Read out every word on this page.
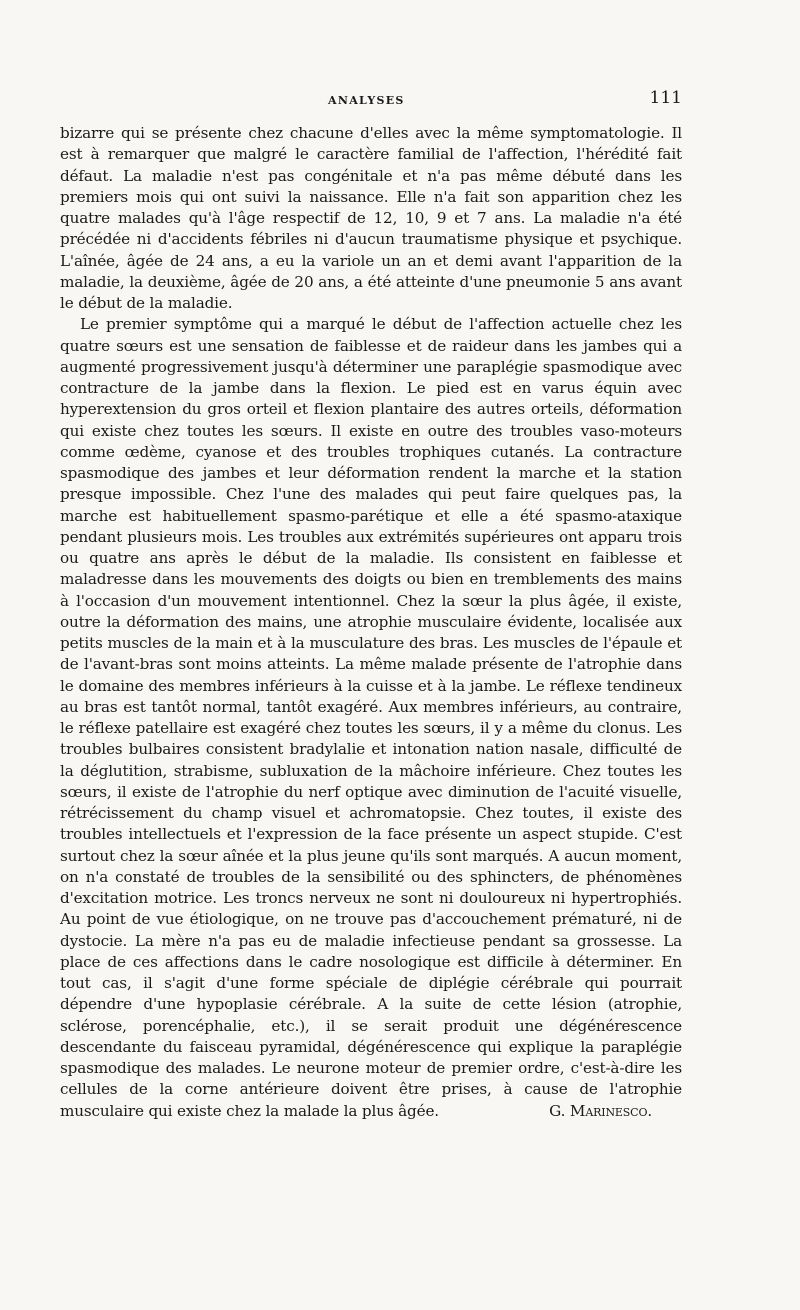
ANALYSES	111

bizarre qui se présente chez chacune d'elles avec la même symptomatologie. Il est à remarquer que malgré le caractère familial de l'affection, l'hérédité fait défaut. La maladie n'est pas congénitale et n'a pas même débuté dans les premiers mois qui ont suivi la naissance. Elle n'a fait son apparition chez les quatre malades qu'à l'âge respectif de 12, 10, 9 et 7 ans. La maladie n'a été précédée ni d'accidents fébriles ni d'aucun traumatisme physique et psychique. L'aînée, âgée de 24 ans, a eu la variole un an et demi avant l'apparition de la maladie, la deuxième, âgée de 20 ans, a été atteinte d'une pneumonie 5 ans avant le début de la maladie.

Le premier symptôme qui a marqué le début de l'affection actuelle chez les quatre sœurs est une sensation de faiblesse et de raideur dans les jambes qui a augmenté progressivement jusqu'à déterminer une paraplégie spasmodique avec contracture de la jambe dans la flexion. Le pied est en varus équin avec hyperextension du gros orteil et flexion plantaire des autres orteils, déformation qui existe chez toutes les sœurs. Il existe en outre des troubles vaso-moteurs comme œdème, cyanose et des troubles trophiques cutanés. La contracture spasmodique des jambes et leur déformation rendent la marche et la station presque impossible. Chez l'une des malades qui peut faire quelques pas, la marche est habituellement spasmo-parétique et elle a été spasmo-ataxique pendant plusieurs mois. Les troubles aux extrémités supérieures ont apparu trois ou quatre ans après le début de la maladie. Ils consistent en faiblesse et maladresse dans les mouvements des doigts ou bien en tremblements des mains à l'occasion d'un mouvement intentionnel. Chez la sœur la plus âgée, il existe, outre la déformation des mains, une atrophie musculaire évidente, localisée aux petits muscles de la main et à la musculature des bras. Les muscles de l'épaule et de l'avant-bras sont moins atteints. La même malade présente de l'atrophie dans le domaine des membres inférieurs à la cuisse et à la jambe. Le réflexe tendineux au bras est tantôt normal, tantôt exagéré. Aux membres inférieurs, au contraire, le réflexe patellaire est exagéré chez toutes les sœurs, il y a même du clonus. Les troubles bulbaires consistent bradylalie et intonation nation nasale, difficulté de la déglutition, strabisme, subluxation de la mâchoire inférieure. Chez toutes les sœurs, il existe de l'atrophie du nerf optique avec diminution de l'acuité visuelle, rétrécissement du champ visuel et achromatopsie. Chez toutes, il existe des troubles intellectuels et l'expression de la face présente un aspect stupide. C'est surtout chez la sœur aînée et la plus jeune qu'ils sont marqués. A aucun moment, on n'a constaté de troubles de la sensibilité ou des sphincters, de phénomènes d'excitation motrice. Les troncs nerveux ne sont ni douloureux ni hypertrophiés. Au point de vue étiologique, on ne trouve pas d'accouchement prématuré, ni de dystocie. La mère n'a pas eu de maladie infectieuse pendant sa grossesse. La place de ces affections dans le cadre nosologique est difficile à déterminer. En tout cas, il s'agit d'une forme spéciale de diplégie cérébrale qui pourrait dépendre d'une hypoplasie cérébrale. A la suite de cette lésion (atrophie, sclérose, porencéphalie, etc.), il se serait produit une dégénérescence descendante du faisceau pyramidal, dégénérescence qui explique la paraplégie spasmodique des malades. Le neurone moteur de premier ordre, c'est-à-dire les cellules de la corne antérieure doivent être prises, à cause de l'atrophie musculaire qui existe chez la malade la plus âgée.	G. Marinesco.
